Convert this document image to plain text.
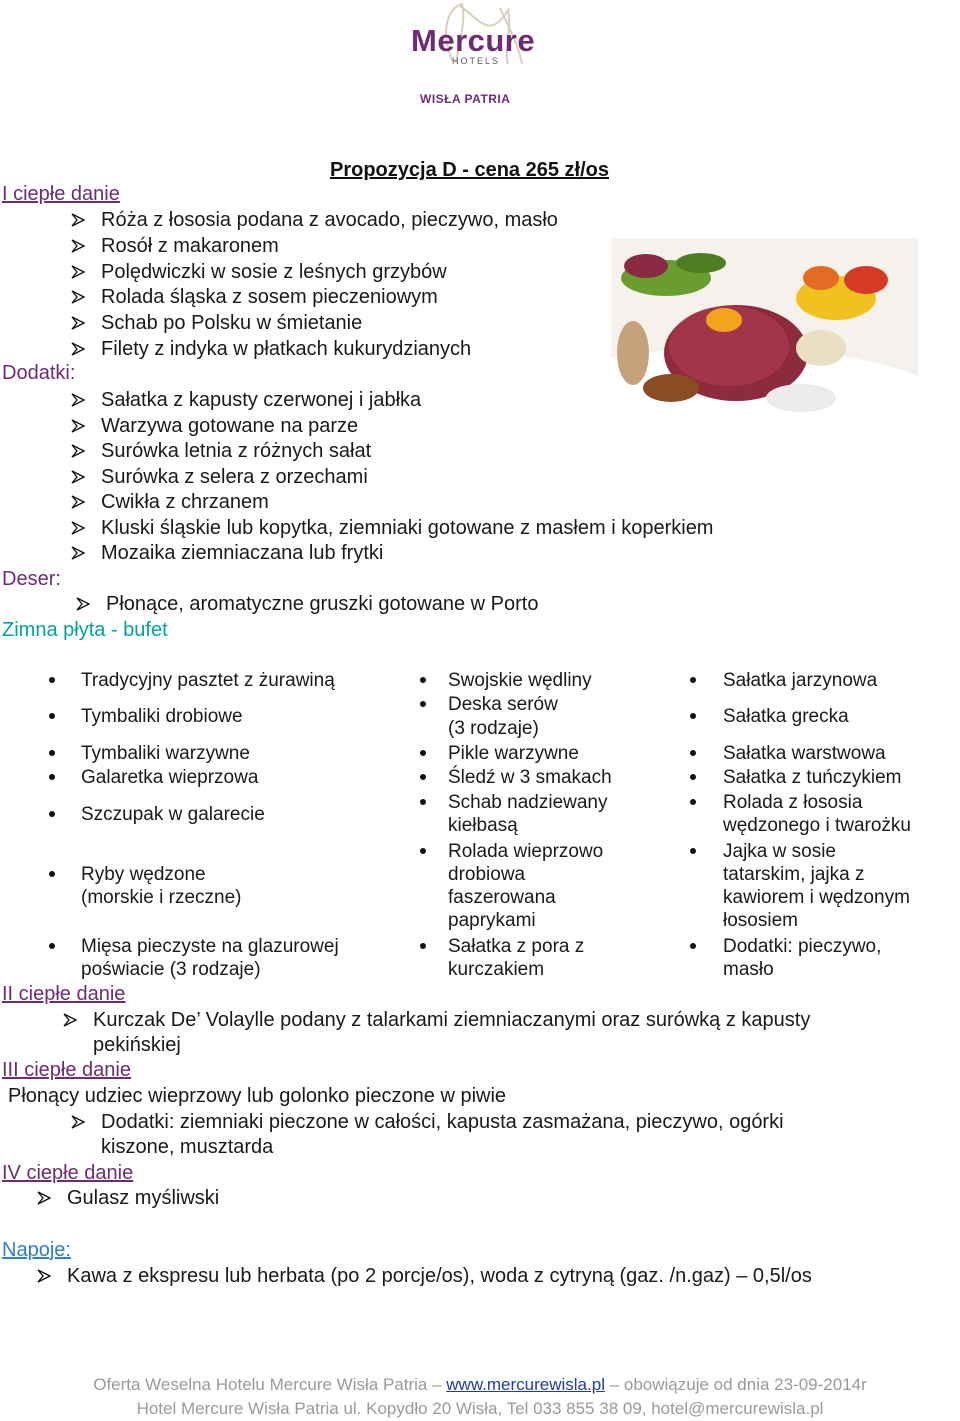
Mercure
HOTELS
WISŁA PATRIA
Propozycja D - cena 265 zł/os
I ciepłe danie
Róża z łososia podana z avocado, pieczywo, masło
Rosół z makaronem
Polędwiczki w sosie z leśnych grzybów
Rolada śląska z sosem pieczeniowym
Schab po Polsku w śmietanie
Filety z indyka w płatkach kukurydzianych
Dodatki:
Sałatka z kapusty czerwonej i jabłka
Warzywa gotowane na parze
Surówka letnia z różnych sałat
Surówka z selera z orzechami
Cwikła z chrzanem
Kluski śląskie lub kopytka, ziemniaki gotowane z masłem i koperkiem
Mozaika ziemniaczana lub frytki
Deser:
Płonące, aromatyczne gruszki gotowane w Porto
Zimna płyta - bufet
Tradycyjny pasztet z żurawiną
Tymbaliki drobiowe
Tymbaliki warzywne
Galaretka wieprzowa
Szczupak w galarecie
Ryby wędzone
(morskie i rzeczne)
Mięsa pieczyste na glazurowej
poświacie (3 rodzaje)
Swojskie wędliny
Deska serów
(3 rodzaje)
Pikle warzywne
Śledź w 3 smakach
Schab nadziewany
kiełbasą
Rolada wieprzowo
drobiowa
faszerowana
paprykami
Sałatka z pora z
kurczakiem
Sałatka jarzynowa
Sałatka grecka
Sałatka warstwowa
Sałatka z tuńczykiem
Rolada z łososia
wędzonego i twarożku
Jajka w sosie
tatarskim, jajka z
kawiorem i wędzonym
łososiem
Dodatki: pieczywo,
masło
II ciepłe danie
Kurczak De’ Volaylle podany z talarkami ziemniaczanymi oraz surówką z kapusty
pekińskiej
III ciepłe danie
Płonący udziec wieprzowy lub golonko pieczone w piwie
Dodatki: ziemniaki pieczone w całości, kapusta zasmażana, pieczywo, ogórki
kiszone, musztarda
IV ciepłe danie
Gulasz myśliwski
Napoje:
Kawa z ekspresu lub herbata (po 2 porcje/os), woda z cytryną (gaz. /n.gaz) – 0,5l/os
Oferta Weselna Hotelu Mercure Wisła Patria – www.mercurewisla.pl – obowiązuje od dnia 23-09-2014r
Hotel Mercure Wisła Patria ul. Kopydło 20 Wisła, Tel 033 855 38 09, hotel@mercurewisla.pl
